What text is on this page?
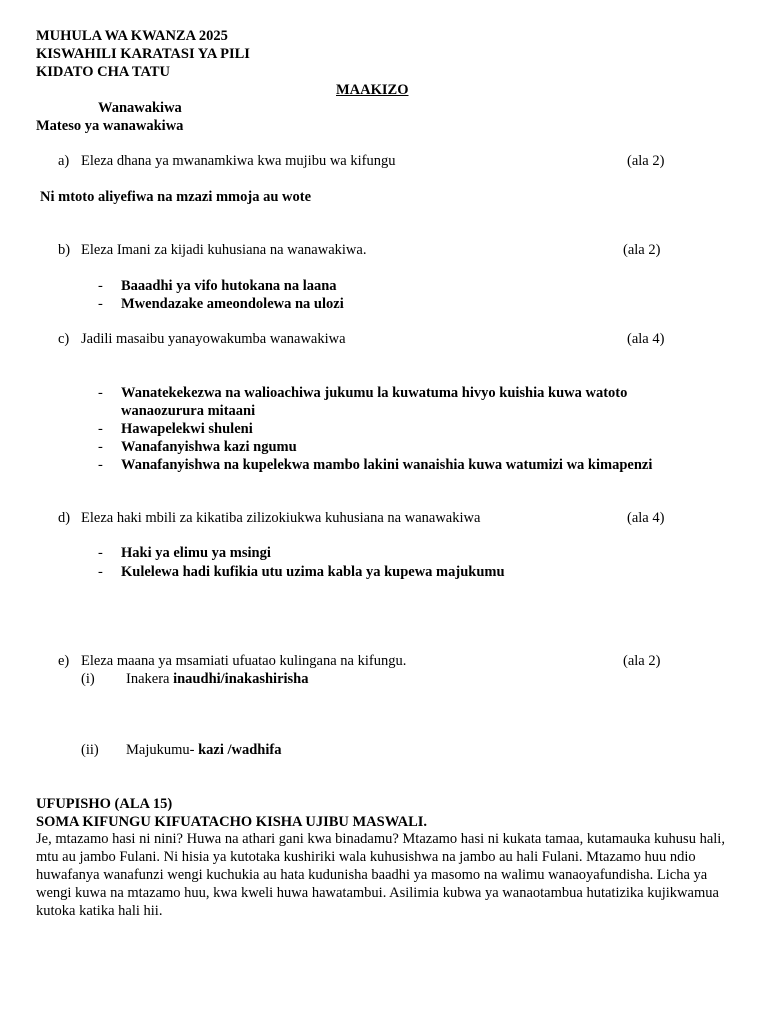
MUHULA WA KWANZA 2025
KISWAHILI KARATASI YA PILI
KIDATO CHA TATU
MAAKIZO
Wanawakiwa
Mateso ya wanawakiwa
a) Eleza dhana ya mwanamkiwa kwa mujibu wa kifungu	(ala 2)
Ni mtoto aliyefiwa na mzazi mmoja au wote
b) Eleza Imani za kijadi kuhusiana na wanawakiwa.	(ala 2)
- Baaadhi ya vifo hutokana na laana
- Mwendazake ameondolewa na ulozi
c) Jadili masaibu yanayowakumba wanawakiwa	(ala 4)
- Wanatekekezwa na walioachiwa jukumu la kuwatuma hivyo kuishia kuwa watoto
wanaozurura mitaani
- Hawapelekwi shuleni
- Wanafanyishwa kazi ngumu
- Wanafanyishwa na kupelekwa mambo lakini wanaishia kuwa watumizi wa kimapenzi
d) Eleza haki mbili za kikatiba zilizokiukwa kuhusiana na wanawakiwa	(ala 4)
- Haki ya elimu ya msingi
- Kulelewa hadi kufikia utu uzima kabla ya kupewa majukumu
e) Eleza maana ya msamiati ufuatao kulingana na kifungu.	(ala 2)
(i) Inakera inaudhi/inakashirisha
(ii) Majukumu- kazi /wadhifa
UFUPISHO (ALA 15)
SOMA KIFUNGU KIFUATACHO KISHA UJIBU MASWALI.
Je, mtazamo hasi ni nini? Huwa na athari gani kwa binadamu? Mtazamo hasi ni kukata tamaa, kutamauka kuhusu hali, mtu au jambo Fulani. Ni hisia ya kutotaka kushiriki wala kuhusishwa na jambo au hali Fulani. Mtazamo huu ndio huwafanya wanafunzi wengi kuchukia au hata kudunisha baadhi ya masomo na walimu wanaoyafundisha. Licha ya wengi kuwa na mtazamo huu, kwa kweli huwa hawatambui. Asilimia kubwa ya wanaotambua hutatizika kujikwamua kutoka katika hali hii.
